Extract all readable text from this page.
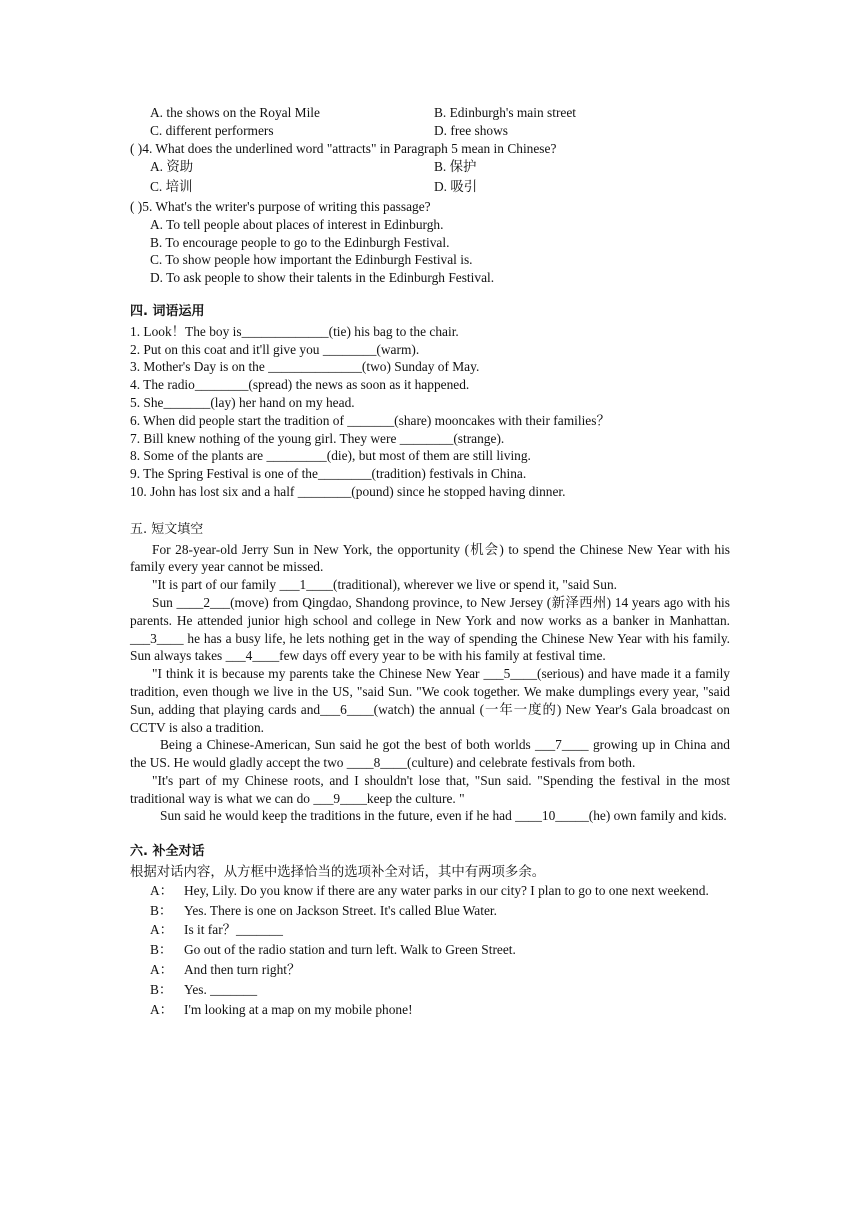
A. the shows on the Royal Mile	B. Edinburgh's main street
C. different performers	D. free shows

( )4. What does the underlined word "attracts" in Paragraph 5 mean in Chinese?

A. 资助	B. 保护
C. 培训	D. 吸引

( )5. What's the writer's purpose of writing this passage?

A. To tell people about places of interest in Edinburgh.

B. To encourage people to go to the Edinburgh Festival.

C. To show people how important the Edinburgh Festival is.

D. To ask people to show their talents in the Edinburgh Festival.

四. 词语运用

1. Look！The boy is_____________(tie) his bag to the chair.

2. Put on this coat and it'll give you ________(warm).

3. Mother's Day is on the ______________(two) Sunday of May.

4. The radio________(spread) the news as soon as it happened.

5. She_______(lay) her hand on my head.

6. When did people start the tradition of _______(share) mooncakes with their families？

7. Bill knew nothing of the young girl. They were ________(strange).

8. Some of the plants are _________(die), but most of them are still living.

9. The Spring Festival is one of the________(tradition) festivals in China.

10. John has lost six and a half ________(pound) since he stopped having dinner.

五. 短文填空

For 28-year-old Jerry Sun in New York, the opportunity (机会) to spend the Chinese New Year with his family every year cannot be missed.

"It is part of our family ___1____(traditional), wherever we live or spend it, "said Sun.

Sun ____2___(move) from Qingdao, Shandong province, to New Jersey (新泽西州) 14 years ago with his parents. He attended junior high school and college in New York and now works as a banker in Manhattan. ___3____ he has a busy life, he lets nothing get in the way of spending the Chinese New Year with his family. Sun always takes ___4____few days off every year to be with his family at festival time.

"I think it is because my parents take the Chinese New Year ___5____(serious) and have made it a family tradition, even though we live in the US, "said Sun. "We cook together. We make dumplings every year, "said Sun, adding that playing cards and___6____(watch) the annual (一年一度的) New Year's Gala broadcast on CCTV is also a tradition.

Being a Chinese-American, Sun said he got the best of both worlds ___7____ growing up in China and the US. He would gladly accept the two ____8____(culture) and celebrate festivals from both.

"It's part of my Chinese roots, and I shouldn't lose that, "Sun said. "Spending the festival in the most traditional way is what we can do ___9____keep the culture. "

Sun said he would keep the traditions in the future, even if he had ____10_____(he) own family and kids.

六. 补全对话

根据对话内容，从方框中选择恰当的选项补全对话，其中有两项多余。

A： Hey, Lily. Do you know if there are any water parks in our city? I plan to go to one next weekend.
B： Yes. There is one on Jackson Street. It's called Blue Water.
A： Is it far？_______
B： Go out of the radio station and turn left. Walk to Green Street.
A： And then turn right？
B： Yes. _______
A： I'm looking at a map on my mobile phone!
